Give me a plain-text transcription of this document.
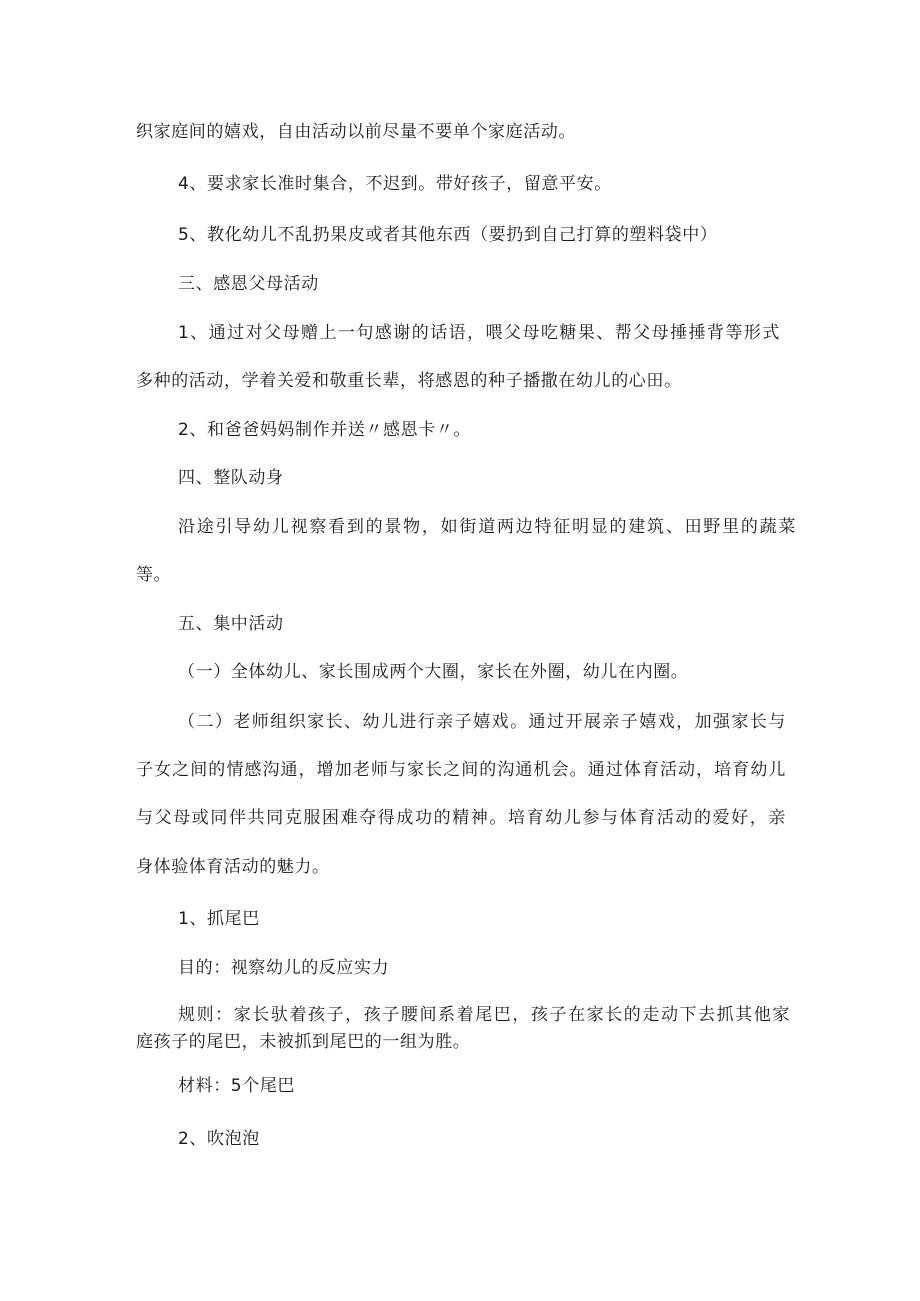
织家庭间的嬉戏，自由活动以前尽量不要单个家庭活动。
4、要求家长准时集合，不迟到。带好孩子，留意平安。
5、教化幼儿不乱扔果皮或者其他东西（要扔到自己打算的塑料袋中）
三、感恩父母活动
1、通过对父母赠上一句感谢的话语，喂父母吃糖果、帮父母捶捶背等形式
多种的活动，学着关爱和敬重长辈，将感恩的种子播撒在幼儿的心田。
2、和爸爸妈妈制作并送〃感恩卡〃。
四、整队动身
沿途引导幼儿视察看到的景物，如街道两边特征明显的建筑、田野里的蔬菜
等。
五、集中活动
（一）全体幼儿、家长围成两个大圈，家长在外圈，幼儿在内圈。
（二）老师组织家长、幼儿进行亲子嬉戏。通过开展亲子嬉戏，加强家长与
子女之间的情感沟通，增加老师与家长之间的沟通机会。通过体育活动，培育幼儿
与父母或同伴共同克服困难夺得成功的精神。培育幼儿参与体育活动的爱好，亲
身体验体育活动的魅力。
1、抓尾巴
目的：视察幼儿的反应实力
规则：家长驮着孩子，孩子腰间系着尾巴，孩子在家长的走动下去抓其他家
庭孩子的尾巴，未被抓到尾巴的一组为胜。
材料：5个尾巴
2、吹泡泡
